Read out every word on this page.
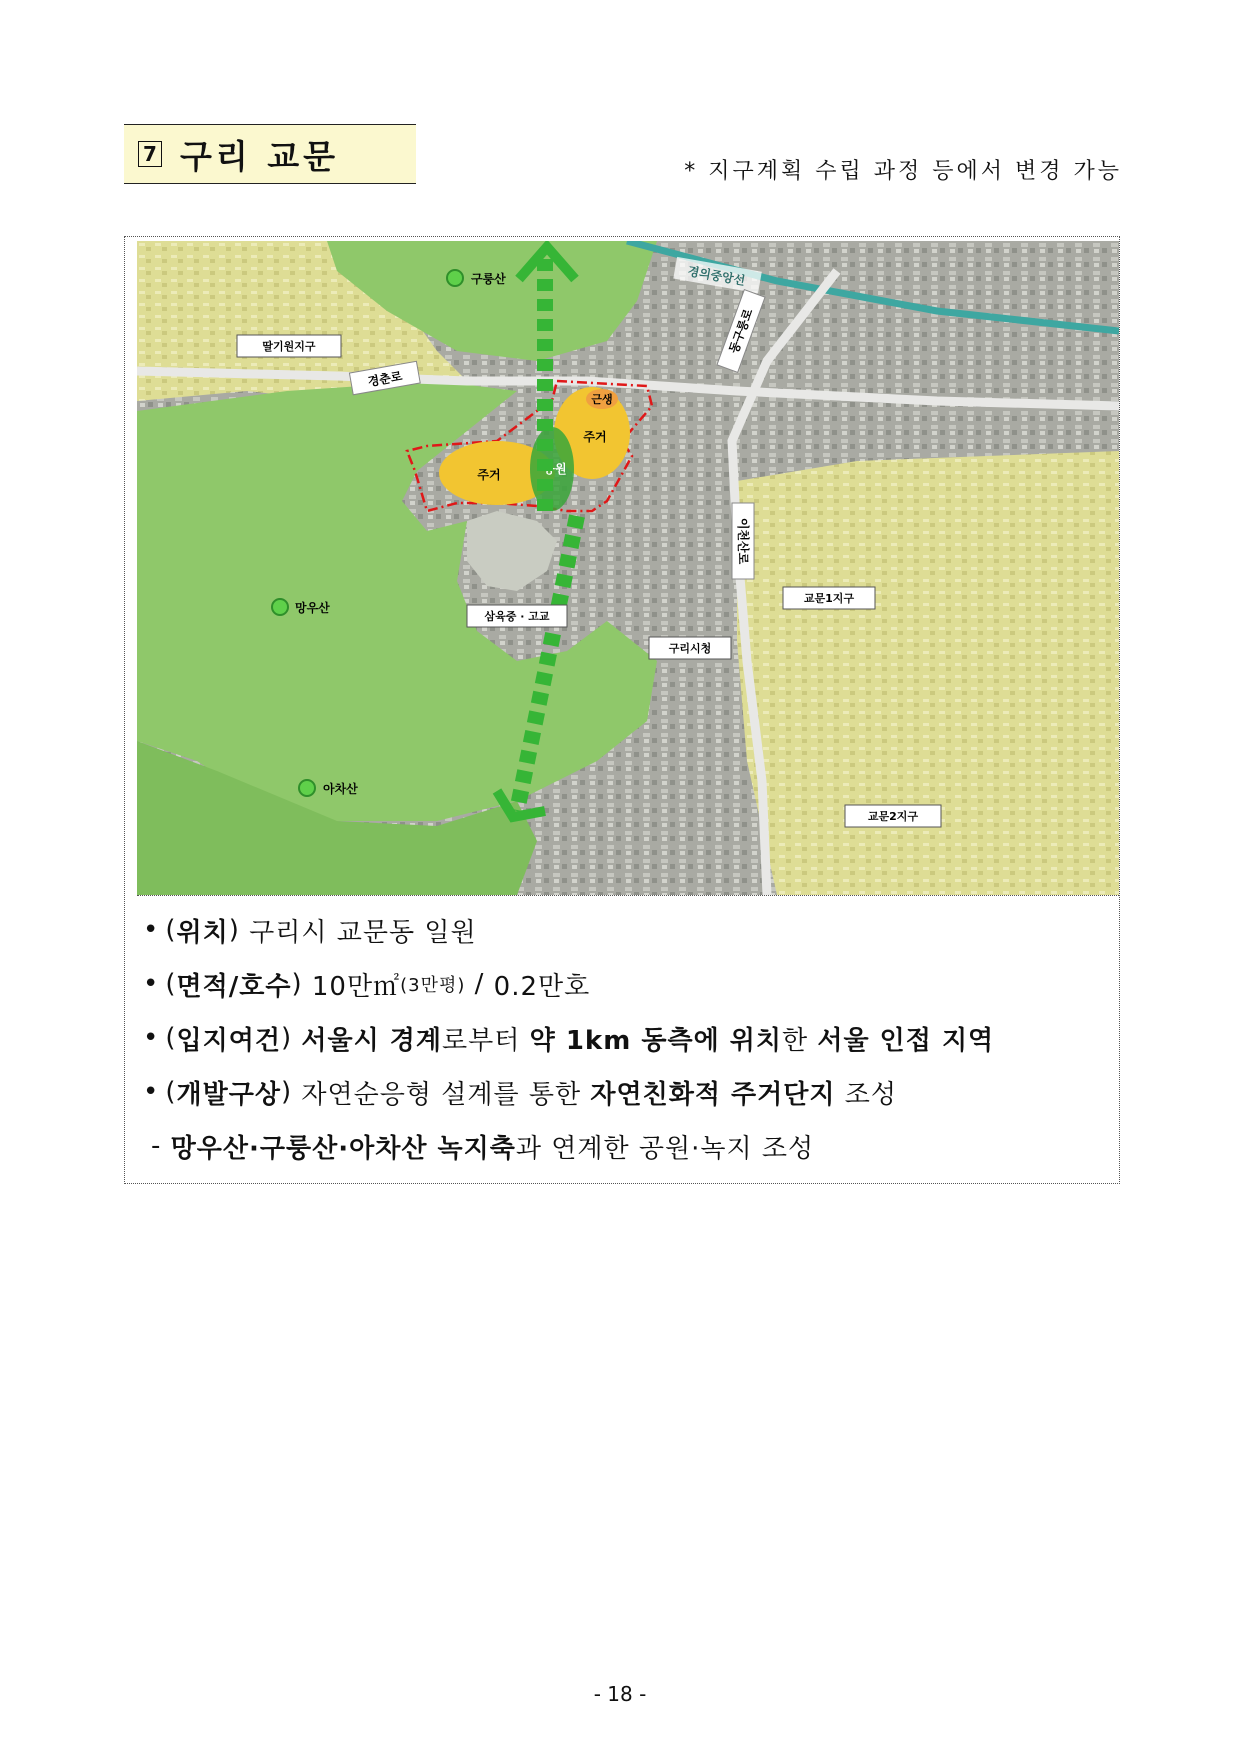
7 구리 교문	* 지구계획 수립 과정 등에서 변경 가능
경의중앙선
경춘로
동구릉로
이천산로
근생
주거
주거	공원
구룽산
망우산
아차산
딸기원지구
삼육중 · 고교
구리시청
교문1지구
교문2지구
• ( 위치 ) 구리시 교문동 일원
• ( 면적/호수 ) 10만㎡ (3만평)
/
0.2만호
• ( 입지여건 ) 서울시 경계 로부터
약 1km 동측에 위치 한
서울 인접 지역
• ( 개발구상 ) 자연순응형 설계를 통한
자연친화적 주거단지
조성
-
망우산·구룽산·아차산 녹지축 과 연계한 공원·녹지 조성
- 18 -
